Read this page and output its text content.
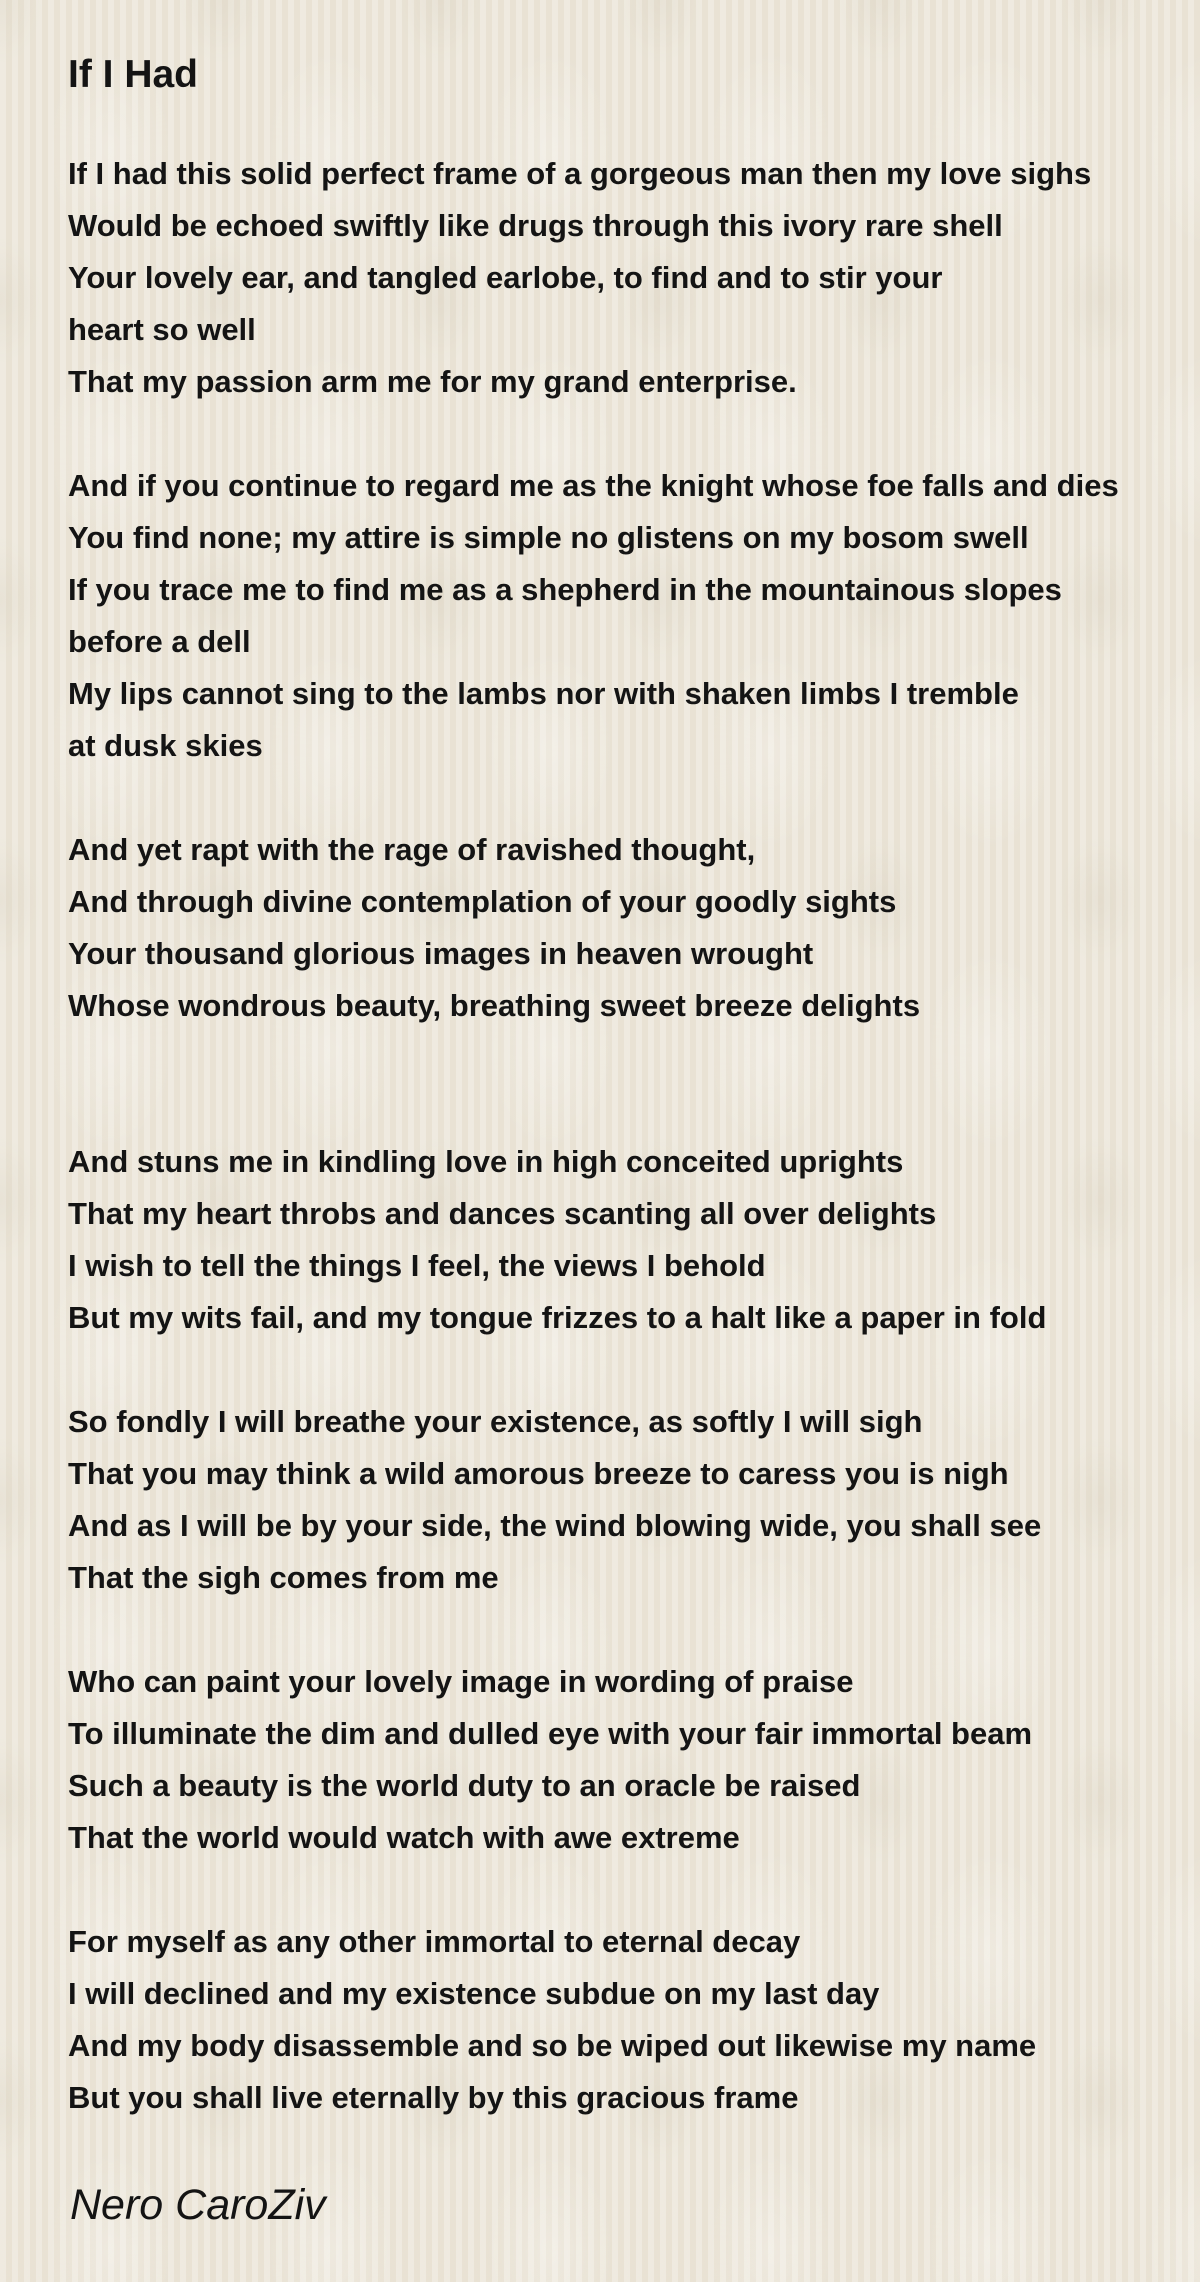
If I Had
If I had this solid perfect frame of a gorgeous man then my love sighs
Would be echoed swiftly like drugs through this ivory rare shell
Your lovely ear, and tangled earlobe, to find and to stir your
heart so well
That my passion arm me for my grand enterprise.
And if you continue to regard me as the knight whose foe falls and dies
You find none; my attire is simple no glistens on my bosom swell
If you trace me to find me as a shepherd in the mountainous slopes
before a dell
My lips cannot sing to the lambs nor with shaken limbs I tremble
at dusk skies
And yet rapt with the rage of ravished thought,
And through divine contemplation of your goodly sights
Your thousand glorious images in heaven wrought
Whose wondrous beauty, breathing sweet breeze delights
And stuns me in kindling love in high conceited uprights
That my heart throbs and dances scanting all over delights
I wish to tell the things I feel, the views I behold
But my wits fail, and my tongue frizzes to a halt like a paper in fold
So fondly I will breathe your existence, as softly I will sigh
That you may think a wild amorous breeze to caress you is nigh
And as I will be by your side, the wind blowing wide, you shall see
That the sigh comes from me
Who can paint your lovely image in wording of praise
To illuminate the dim and dulled eye with your fair immortal beam
Such a beauty is the world duty to an oracle be raised
That the world would watch with awe extreme
For myself as any other immortal to eternal decay
I will declined and my existence subdue on my last day
And my body disassemble and so be wiped out likewise my name
But you shall live eternally by this gracious frame
Nero CaroZiv
